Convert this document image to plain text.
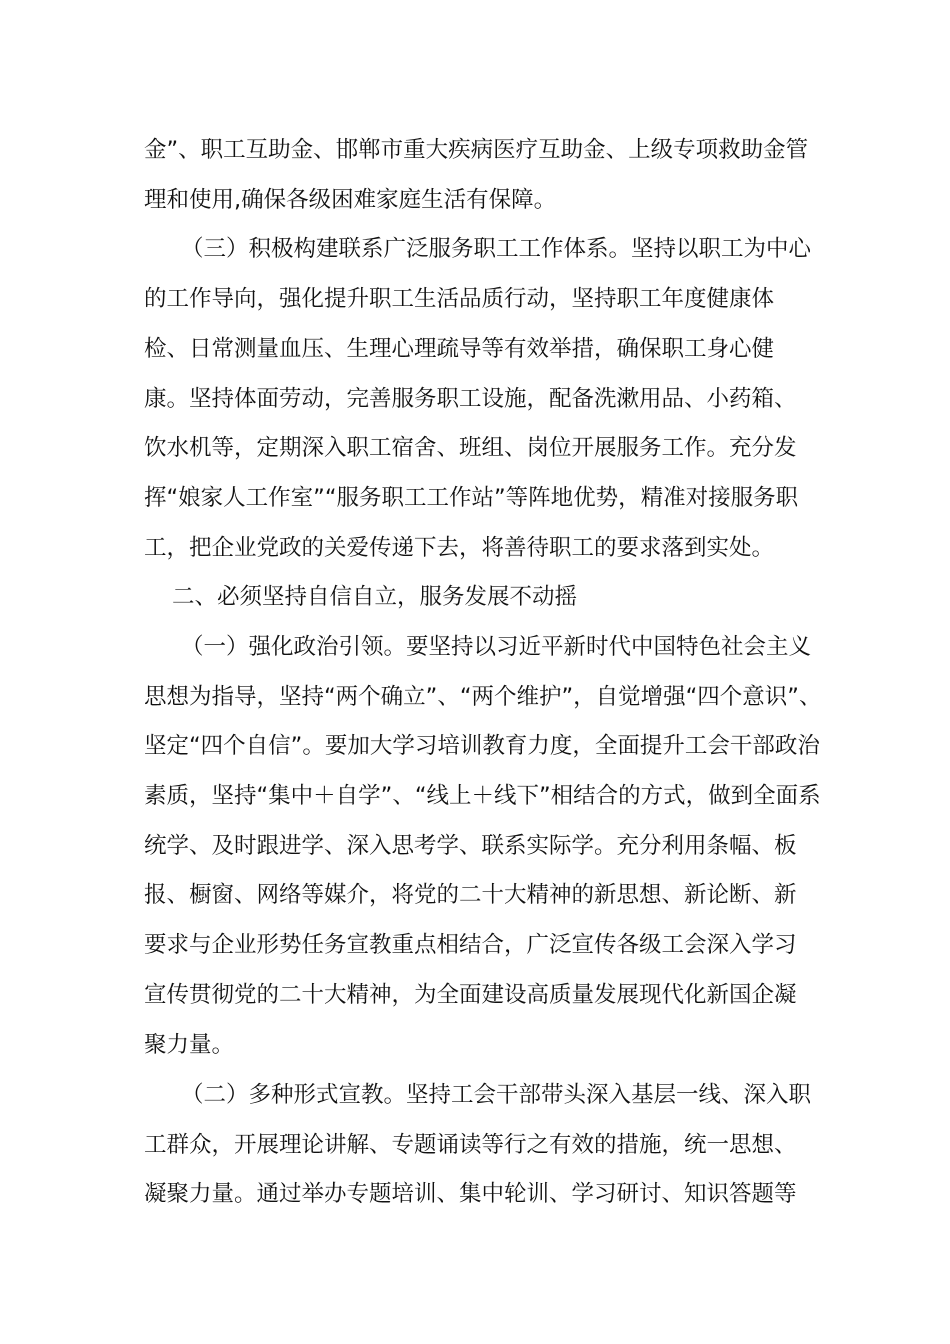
金”、职工互助金、邯郸市重大疾病医疗互助金、上级专项救助金管
理和使用,确保各级困难家庭生活有保障。
（三）积极构建联系广泛服务职工工作体系。坚持以职工为中心
的工作导向，强化提升职工生活品质行动，坚持职工年度健康体
检、日常测量血压、生理心理疏导等有效举措，确保职工身心健
康。坚持体面劳动，完善服务职工设施，配备洗漱用品、小药箱、
饮水机等，定期深入职工宿舍、班组、岗位开展服务工作。充分发
挥“娘家人工作室”“服务职工工作站”等阵地优势，精准对接服务职
工，把企业党政的关爱传递下去，将善待职工的要求落到实处。
二、必须坚持自信自立，服务发展不动摇
（一）强化政治引领。要坚持以习近平新时代中国特色社会主义
思想为指导，坚持“两个确立”、“两个维护”，自觉增强“四个意识”、
坚定“四个自信”。要加大学习培训教育力度，全面提升工会干部政治
素质，坚持“集中＋自学”、“线上＋线下”相结合的方式，做到全面系
统学、及时跟进学、深入思考学、联系实际学。充分利用条幅、板
报、橱窗、网络等媒介，将党的二十大精神的新思想、新论断、新
要求与企业形势任务宣教重点相结合，广泛宣传各级工会深入学习
宣传贯彻党的二十大精神，为全面建设高质量发展现代化新国企凝
聚力量。
（二）多种形式宣教。坚持工会干部带头深入基层一线、深入职
工群众，开展理论讲解、专题诵读等行之有效的措施，统一思想、
凝聚力量。通过举办专题培训、集中轮训、学习研讨、知识答题等
